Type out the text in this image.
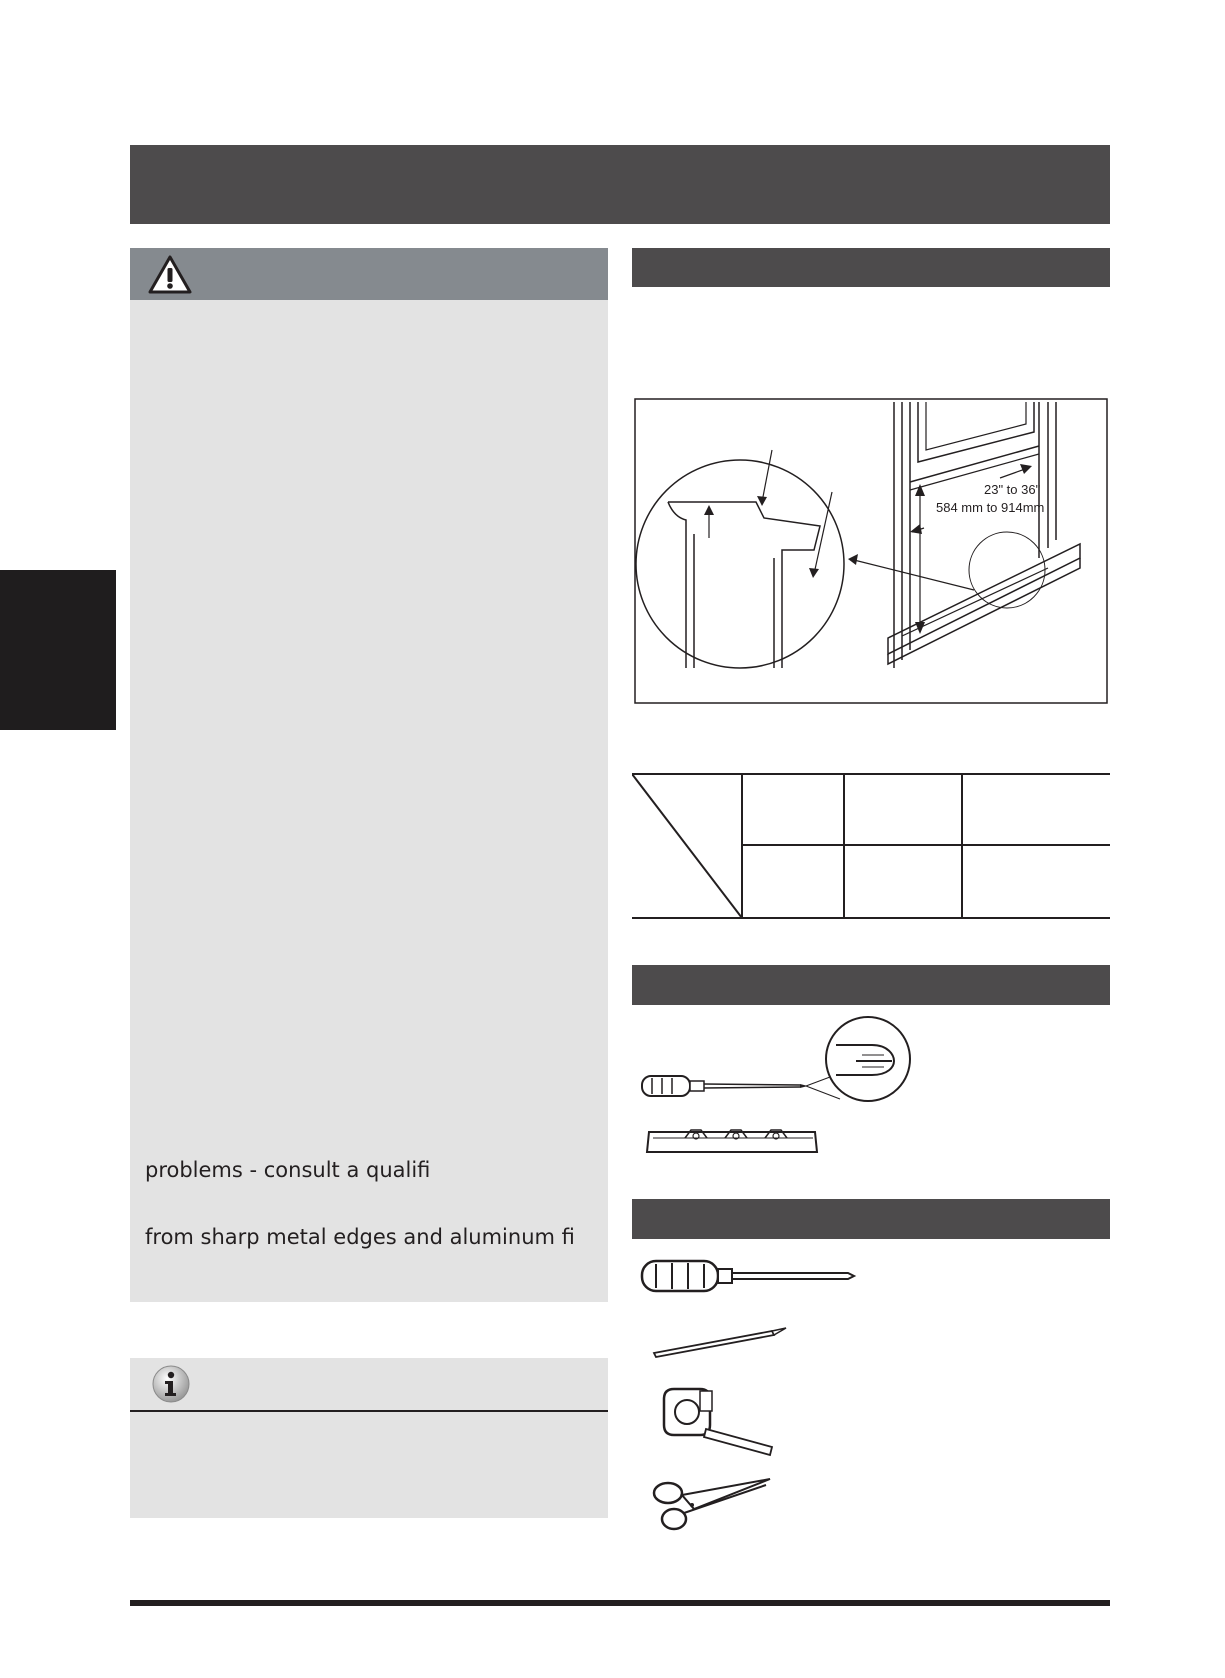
problems - consult a qualifi
from sharp metal edges and aluminum fi
23" to 36"
584 mm to 914mm
